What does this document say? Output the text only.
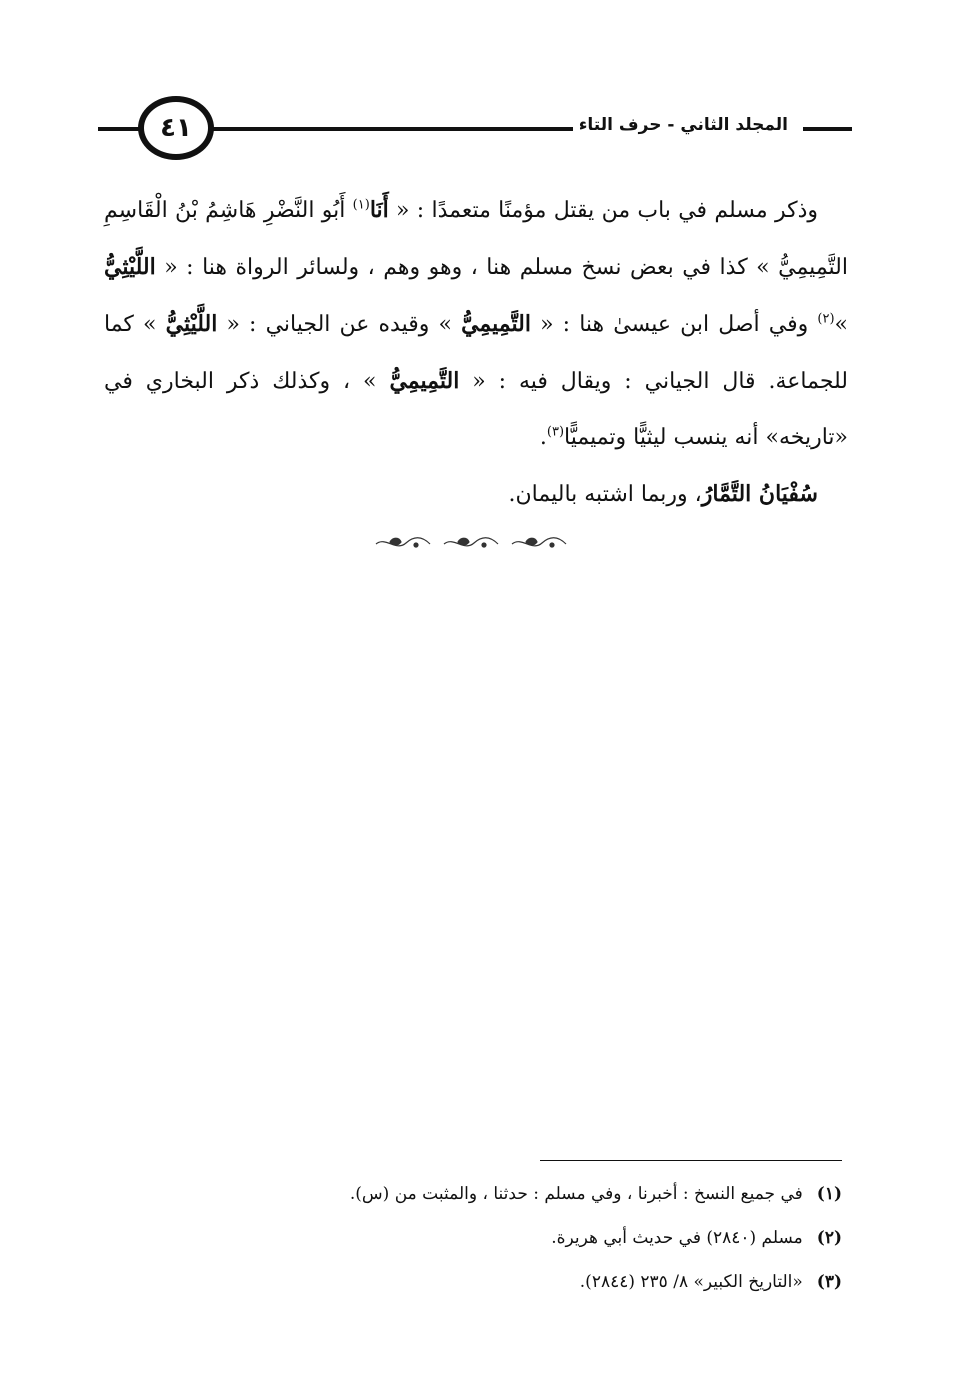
٤١	المجلد الثاني - حرف التاء

وذكر مسلم في باب من يقتل مؤمنًا متعمدًا : « أَنَا$^{(١)}$ أَبُو النَّضْرِ هَاشِمُ بْنُ الْقَاسِمِ التَّمِيمِيُّ » كذا في بعض نسخ مسلم هنا ، وهو وهم ، ولسائر الرواة هنا : « اللَّيْثِيُّ »$^{(٢)}$ وفي أصل ابن عيسىٰ هنا : « التَّمِيمِيُّ » وقيده عن الجياني : « اللَّيْثِيُّ » كما للجماعة. قال الجياني : ويقال فيه : « التَّمِيمِيُّ » ، وكذلك ذكر البخاري في «تاريخه» أنه ينسب ليثيًّا وتميميًّا$^{(٣)}$.

سُفْيَانُ التَّمَّارُ، وربما اشتبه باليمان.

(١)في جميع النسخ : أخبرنا ، وفي مسلم : حدثنا ، والمثبت من (س).
(٢)مسلم (٢٨٤٠) في حديث أبي هريرة.
(٣)«التاريخ الكبير» ٨/ ٢٣٥ (٢٨٤٤).
